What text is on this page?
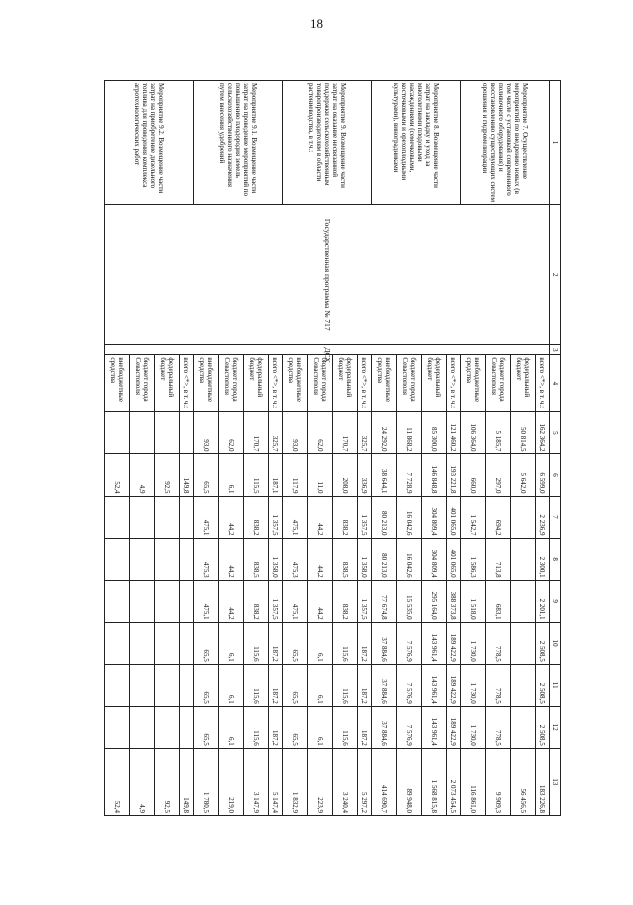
18
1	2	3	4	5	6	7	8	9	10	11	12	13
Мероприятие 7. Осуществление мероприятий по внедрению новых (в том числе с установкой современного поливочного оборудования) и восстановлению существующих систем орошения и гидромелиорации	Государственная программа № 717	ДСХ	всего <*>, в т. ч.:	162 364,2	6 599,0	2 236,9	2 300,1	2 201,1	2 508,5	2 508,5	2 508,5	183 226,8
			федеральный бюджет	50 814,5	5 642,0							56 456,5
			бюджет города Севастополя	5 185,7	297,0	694,2	713,8	683,1	778,5	778,5	778,5	9 909,3
			внебюджетные средства	106 364,0	660,0	1 542,7	1 586,3	1 518,0	1 730,0	1 730,0	1 730,0	116 861,0
Мероприятие 8. Возмещение части затрат на закладку и уход за многолетними плодовыми насаждениями (семечковыми, косточковыми и орехоплодными культурами), виноградниками			всего <*>, в т. ч.:	121 460,2	193 221,8	401 065,0	401 065,0	388 373,8	189 422,9	189 422,9	189 422,9	2 073 454,5
			федеральный бюджет	85 300,0	146 848,8	304 809,4	304 809,4	295 164,0	143 961,4	143 961,4	143 961,4	1 568 815,8
			бюджет города Севастополя	11 868,2	7 728,9	16 042,6	16 042,6	15 535,0	7 576,9	7 576,9	7 576,9	89 948,0
			внебюджетные средства	24 292,0	38 644,1	80 213,0	80 213,0	77 674,8	37 884,6	37 884,6	37 884,6	414 690,7
Мероприятие 9. Возмещение части затрат на оказание несвязанной поддержки сельскохозяйственным товаропроизводителям в области растениеводства, в т.ч.:			всего <*>, в т. ч.:	325,7	336,9	1 357,5	1 358,0	1 357,5	187,2	187,2	187,2	5 297,2
			федеральный бюджет	170,7	208,0	838,2	838,5	838,2	115,6	115,6	115,6	3 240,4
			бюджет города Севастополя	62,0	11,0	44,2	44,2	44,2	6,1	6,1	6,1	223,9
			внебюджетные средства	93,0	117,9	475,1	475,3	475,1	65,5	65,5	65,5	1 832,9
Мероприятие 9.1. Возмещение части затрат на проведение мероприятий по повышению плодородия земель сельскохозяйственного назначения путем внесения удобрений			всего <*>, в т. ч.:	325,7	187,1	1 357,5	1 358,0	1 357,5	187,2	187,2	187,2	5 147,4
			федеральный бюджет	170,7	115,5	838,2	838,5	838,2	115,6	115,6	115,6	3 147,9
			бюджет города Севастополя	62,0	6,1	44,2	44,2	44,2	6,1	6,1	6,1	219,0
			внебюджетные средства	93,0	65,5	475,1	475,3	475,1	65,5	65,5	65,5	1 780,5
Мероприятие 9.2. Возмещение части затрат на приобретение дизельного топлива для проведения комплекса агротехнологических работ			всего <*>, в т. ч.:		149,8							149,8
			федеральный бюджет		92,5							92,5
			бюджет города Севастополя		4,9							4,9
			внебюджетные средства		52,4							52,4
